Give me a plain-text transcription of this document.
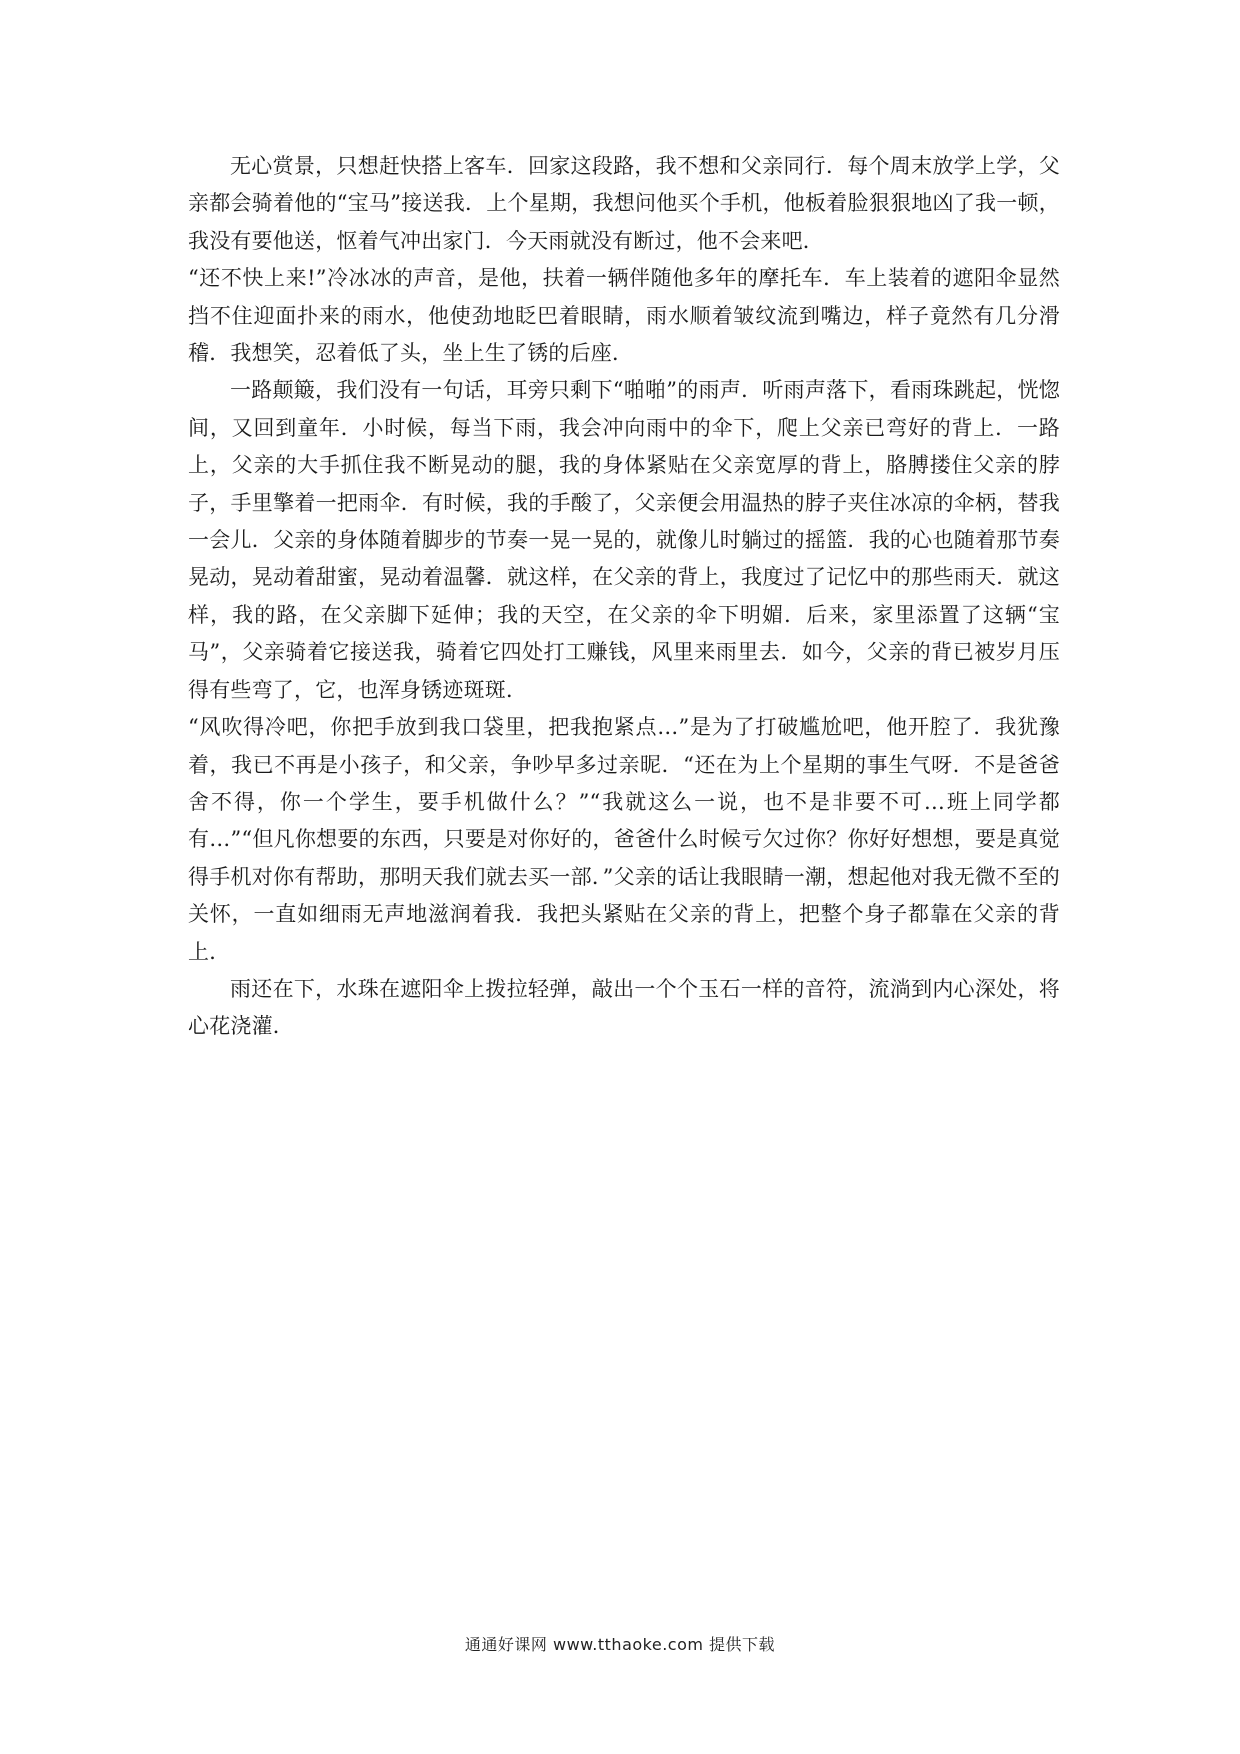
无心赏景，只想赶快搭上客车．回家这段路，我不想和父亲同行．每个周末放学上学，父亲都会骑着他的“宝马”接送我．上个星期，我想问他买个手机，他板着脸狠狠地凶了我一顿，我没有要他送，怄着气冲出家门．今天雨就没有断过，他不会来吧．

“还不快上来!”冷冰冰的声音，是他，扶着一辆伴随他多年的摩托车．车上装着的遮阳伞显然挡不住迎面扑来的雨水，他使劲地眨巴着眼睛，雨水顺着皱纹流到嘴边，样子竟然有几分滑稽．我想笑，忍着低了头，坐上生了锈的后座．

一路颠簸，我们没有一句话，耳旁只剩下“啪啪”的雨声．听雨声落下，看雨珠跳起，恍惚间，又回到童年．小时候，每当下雨，我会冲向雨中的伞下，爬上父亲已弯好的背上．一路上，父亲的大手抓住我不断晃动的腿，我的身体紧贴在父亲宽厚的背上，胳膊搂住父亲的脖子，手里擎着一把雨伞．有时候，我的手酸了，父亲便会用温热的脖子夹住冰凉的伞柄，替我一会儿．父亲的身体随着脚步的节奏一晃一晃的，就像儿时躺过的摇篮．我的心也随着那节奏晃动，晃动着甜蜜，晃动着温馨．就这样，在父亲的背上，我度过了记忆中的那些雨天．就这样，我的路，在父亲脚下延伸；我的天空，在父亲的伞下明媚．后来，家里添置了这辆“宝马”，父亲骑着它接送我，骑着它四处打工赚钱，风里来雨里去．如今，父亲的背已被岁月压得有些弯了，它，也浑身锈迹斑斑．

“风吹得冷吧，你把手放到我口袋里，把我抱紧点…”是为了打破尴尬吧，他开腔了．我犹豫着，我已不再是小孩子，和父亲，争吵早多过亲昵．“还在为上个星期的事生气呀．不是爸爸舍不得，你一个学生，要手机做什么？”“我就这么一说，也不是非要不可…班上同学都有…”“但凡你想要的东西，只要是对你好的，爸爸什么时候亏欠过你？你好好想想，要是真觉得手机对你有帮助，那明天我们就去买一部．”父亲的话让我眼睛一潮，想起他对我无微不至的关怀，一直如细雨无声地滋润着我．我把头紧贴在父亲的背上，把整个身子都靠在父亲的背上．

雨还在下，水珠在遮阳伞上拨拉轻弹，敲出一个个玉石一样的音符，流淌到内心深处，将心花浇灌．

通通好课网 www.tthaoke.com 提供下载
